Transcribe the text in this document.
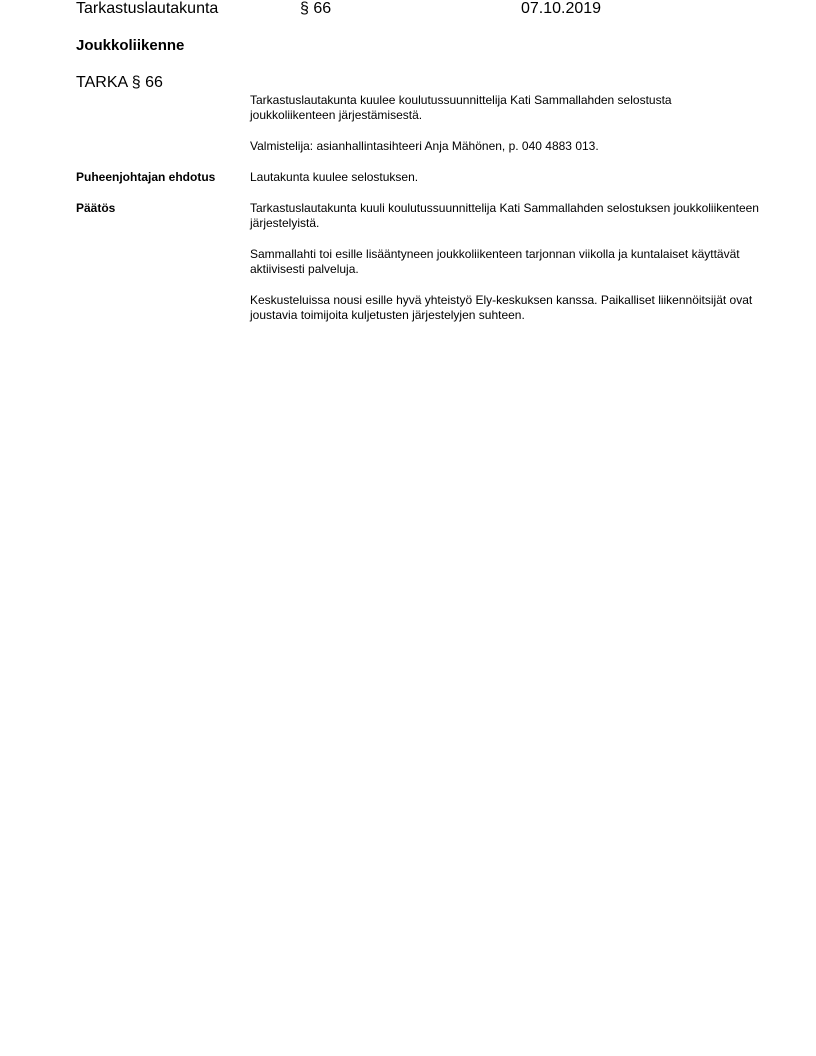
Tarkastuslautakunta	§ 66	07.10.2019
Joukkoliikenne
TARKA § 66

Tarkastuslautakunta kuulee koulutussuunnittelija Kati Sammallahden selostusta joukkoliikenteen järjestämisestä.

Valmistelija: asianhallintasihteeri Anja Mähönen, p. 040 4883 013.

Puheenjohtajan ehdotus	Lautakunta kuulee selostuksen.

Päätös	Tarkastuslautakunta kuuli koulutussuunnittelija Kati Sammallahden selostuksen joukkoliikenteen järjestelyistä.

Sammallahti toi esille lisääntyneen joukkoliikenteen tarjonnan viikolla ja kuntalaiset käyttävät aktiivisesti palveluja.

Keskusteluissa nousi esille hyvä yhteistyö Ely-keskuksen kanssa. Paikalliset liikennöitsijät ovat joustavia toimijoita kuljetusten järjestelyjen suhteen.
